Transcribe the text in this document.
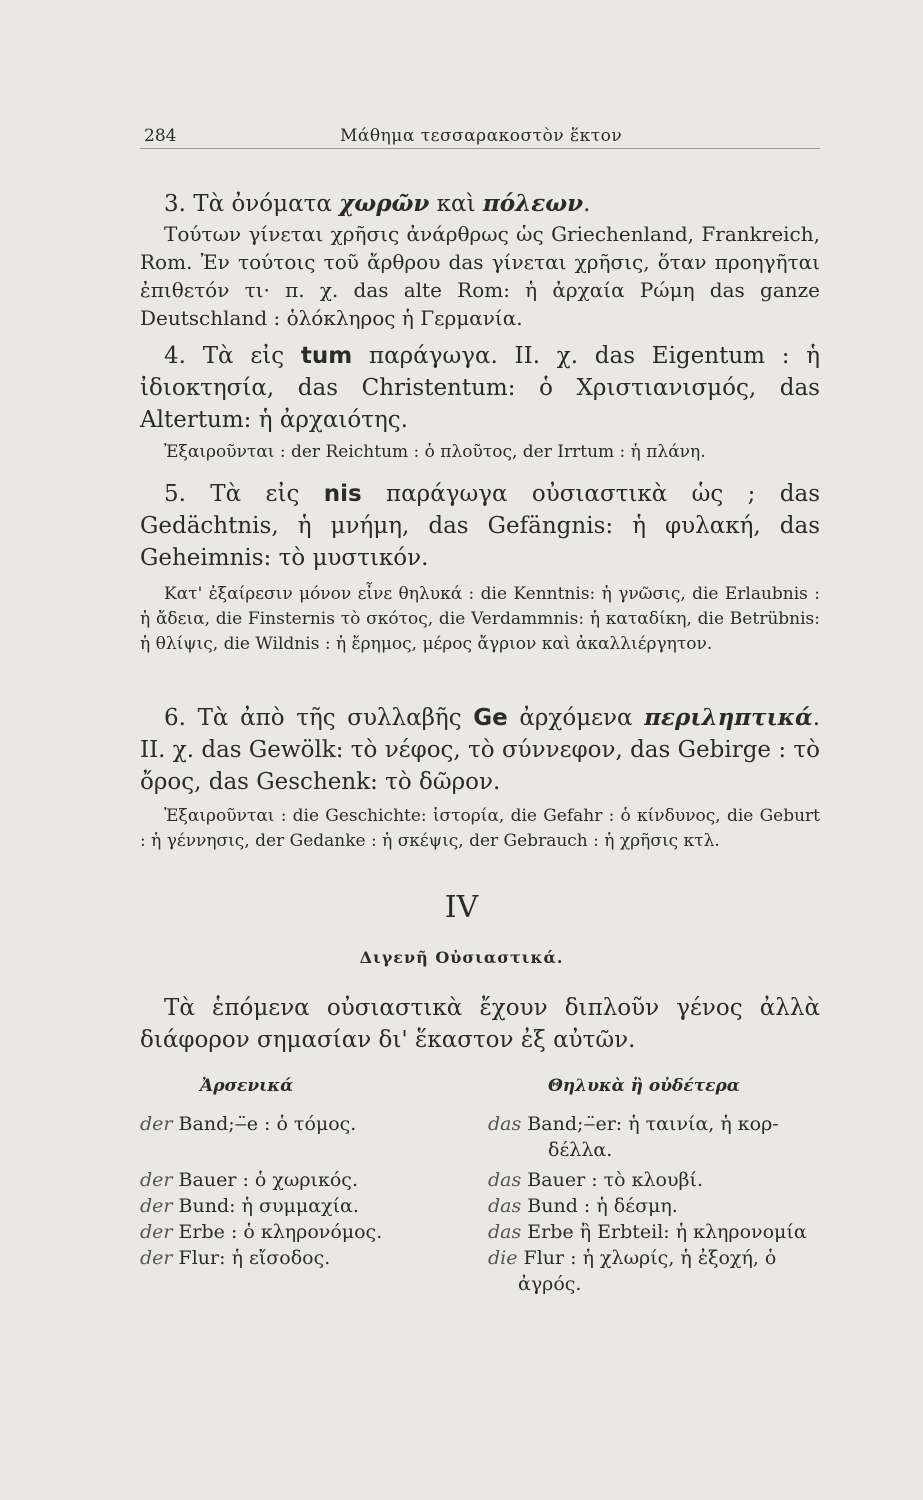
284	Μάθημα τεσσαρακοστὸν ἕκτον

3. Τὰ ὀνόματα χωρῶν καὶ πόλεων.

Τούτων γίνεται χρῆσις ἀνάρθρως ὡς Griechenland, Frankreich, Rom. Ἐν τούτοις τοῦ ἄρθρου das γίνεται χρῆσις, ὅταν προηγῆται ἐπιθετόν τι· π. χ. das alte Rom: ἡ ἀρχαία Ρώμη das ganze Deutschland : ὁλόκληρος ἡ Γερμανία.

4. Τὰ εἰς tum παράγωγα. ΙΙ. χ. das Eigentum : ἡ ἰδιοκτησία, das Christentum: ὁ Χριστιανισμός, das Altertum: ἡ ἀρχαιότης.

Ἐξαιροῦνται : der Reichtum : ὁ πλοῦτος, der Irrtum : ἡ πλάνη.

5. Τὰ εἰς nis παράγωγα οὐσιαστικὰ ὡς ; das Gedächtnis, ἡ μνήμη, das Gefängnis: ἡ φυλακή, das Geheimnis: τὸ μυστικόν.

Κατ' ἐξαίρεσιν μόνον εἶνε θηλυκά : die Kenntnis: ἡ γνῶσις, die Erlaubnis : ἡ ἄδεια, die Finsternis τὸ σκότος, die Verdammnis: ἡ καταδίκη, die Betrübnis: ἡ θλίψις, die Wildnis : ἡ ἔρημος, μέρος ἄγριον καὶ ἀκαλλιέργητον.

6. Τὰ ἀπὸ τῆς συλλαβῆς Ge ἀρχόμενα περιληπτικά. ΙΙ. χ. das Gewölk: τὸ νέφος, τὸ σύννεφον, das Gebirge : τὸ ὄρος, das Geschenk: τὸ δῶρον.

Ἐξαιροῦνται : die Geschichte: ἱστορία, die Gefahr : ὁ κίνδυνος, die Geburt : ἡ γέννησις, der Gedanke : ἡ σκέψις, der Gebrauch : ἡ χρῆσις κτλ.

IV
Διγενῆ Οὐσιαστικά.

Τὰ ἑπόμενα οὐσιαστικὰ ἔχουν διπλοῦν γένος ἀλλὰ διάφορον σημασίαν δι' ἕκαστον ἐξ αὐτῶν.

Ἀρσενικά	Θηλυκὰ ἢ οὐδέτερα
der Band;‒̈e : ὁ τόμος.
der Bauer : ὁ χωρικός.
der Bund: ἡ συμμαχία.
der Erbe : ὁ κληρονόμος.
der Flur: ἡ εἴσοδος.
das Band;‒̈er: ἡ ταινία, ἡ κορ-
δέλλα.
das Bauer : τὸ κλουβί.
das Bund : ἡ δέσμη.
das Erbe ἢ Erbteil: ἡ κληρονομία
die Flur : ἡ χλωρίς, ἡ ἐξοχή, ὁ
ἀγρός.
